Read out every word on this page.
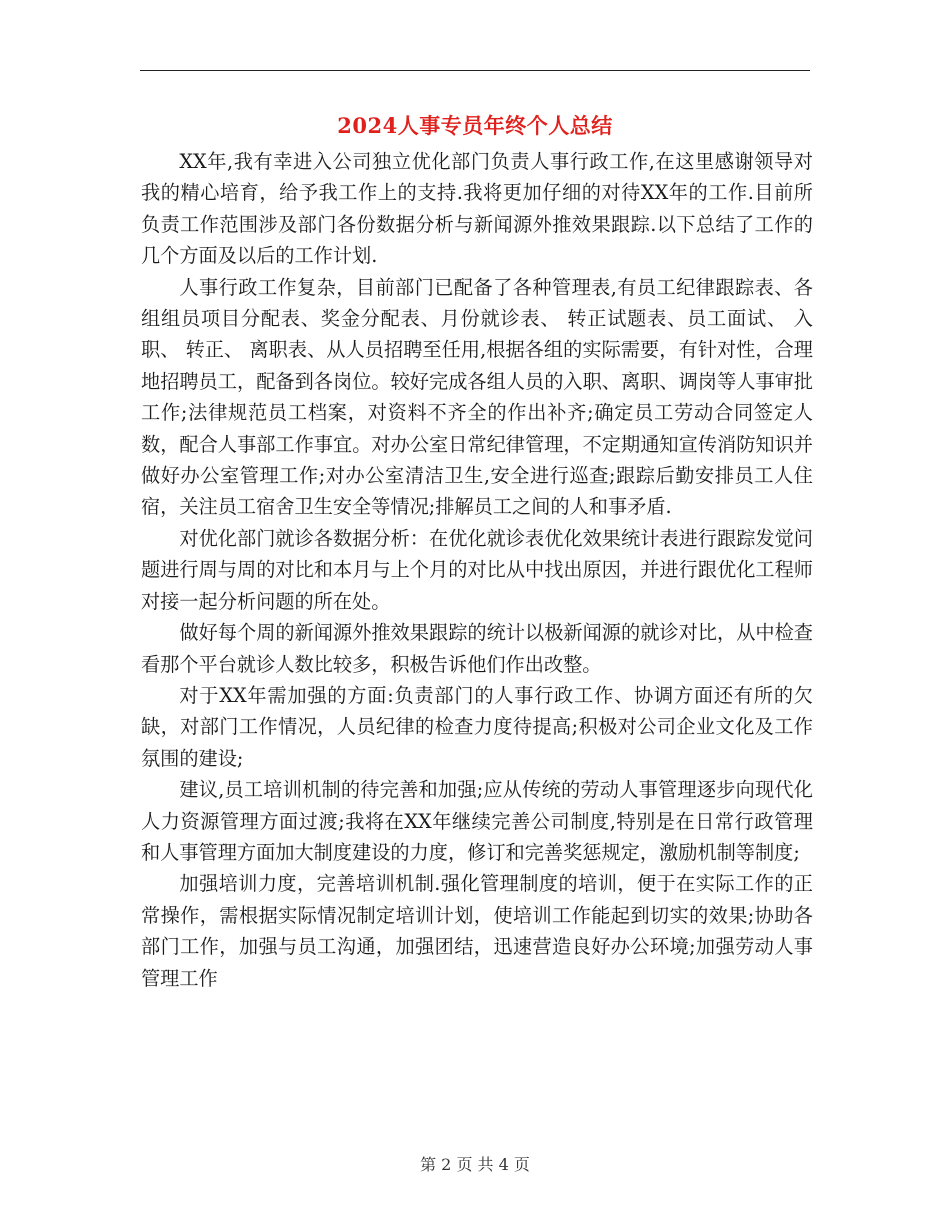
2024人事专员年终个人总结

XX年,我有幸进入公司独立优化部门负责人事行政工作,在这里感谢领导对我的精心培育，给予我工作上的支持.我将更加仔细的对待XX年的工作.目前所负责工作范围涉及部门各份数据分析与新闻源外推效果跟踪.以下总结了工作的几个方面及以后的工作计划.

人事行政工作复杂，目前部门已配备了各种管理表,有员工纪律跟踪表、各组组员项目分配表、奖金分配表、月份就诊表、 转正试题表、员工面试、 入职、 转正、 离职表、从人员招聘至任用,根据各组的实际需要，有针对性，合理地招聘员工，配备到各岗位。较好完成各组人员的入职、离职、调岗等人事审批工作;法律规范员工档案，对资料不齐全的作出补齐;确定员工劳动合同签定人数，配合人事部工作事宜。对办公室日常纪律管理，不定期通知宣传消防知识并做好办公室管理工作;对办公室清洁卫生,安全进行巡查;跟踪后勤安排员工人住宿，关注员工宿舍卫生安全等情况;排解员工之间的人和事矛盾.

对优化部门就诊各数据分析：在优化就诊表优化效果统计表进行跟踪发觉问题进行周与周的对比和本月与上个月的对比从中找出原因，并进行跟优化工程师对接一起分析问题的所在处。

做好每个周的新闻源外推效果跟踪的统计以极新闻源的就诊对比，从中检查看那个平台就诊人数比较多，积极告诉他们作出改整。

对于XX年需加强的方面:负责部门的人事行政工作、协调方面还有所的欠缺，对部门工作情况，人员纪律的检查力度待提高;积极对公司企业文化及工作氛围的建设;

建议,员工培训机制的待完善和加强;应从传统的劳动人事管理逐步向现代化人力资源管理方面过渡;我将在XX年继续完善公司制度,特别是在日常行政管理和人事管理方面加大制度建设的力度，修订和完善奖惩规定，激励机制等制度;

加强培训力度，完善培训机制.强化管理制度的培训，便于在实际工作的正常操作，需根据实际情况制定培训计划，使培训工作能起到切实的效果;协助各部门工作，加强与员工沟通，加强团结，迅速营造良好办公环境;加强劳动人事管理工作

第 2 页 共 4 页
